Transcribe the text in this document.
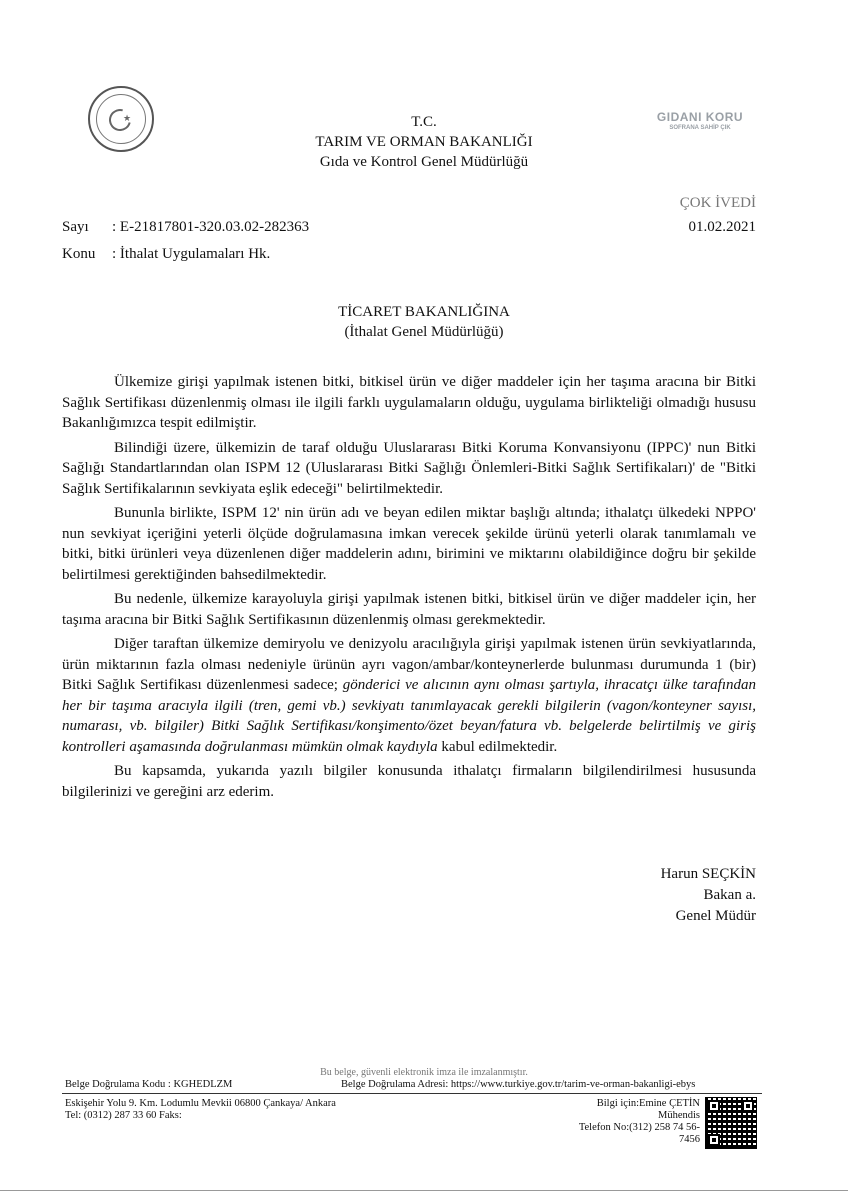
★	T.C.
TARIM VE ORMAN BAKANLIĞI
Gıda ve Kontrol Genel Müdürlüğü
GIDANI KORU
SOFRANA SAHİP ÇIK
ÇOK İVEDİ
01.02.2021
Sayı : E-21817801-320.03.02-282363
Konu : İthalat Uygulamaları Hk.
TİCARET BAKANLIĞINA
(İthalat Genel Müdürlüğü)

Ülkemize girişi yapılmak istenen bitki, bitkisel ürün ve diğer maddeler için her taşıma aracına bir Bitki Sağlık Sertifikası düzenlenmiş olması ile ilgili farklı uygulamaların olduğu, uygulama birlikteliği olmadığı hususu Bakanlığımızca tespit edilmiştir.

Bilindiği üzere, ülkemizin de taraf olduğu Uluslararası Bitki Koruma Konvansiyonu (IPPC)' nun Bitki Sağlığı Standartlarından olan ISPM 12 (Uluslararası Bitki Sağlığı Önlemleri-Bitki Sağlık Sertifikaları)' de "Bitki Sağlık Sertifikalarının sevkiyata eşlik edeceği" belirtilmektedir.

Bununla birlikte, ISPM 12' nin ürün adı ve beyan edilen miktar başlığı altında; ithalatçı ülkedeki NPPO' nun sevkiyat içeriğini yeterli ölçüde doğrulamasına imkan verecek şekilde ürünü yeterli olarak tanımlamalı ve bitki, bitki ürünleri veya düzenlenen diğer maddelerin adını, birimini ve miktarını olabildiğince doğru bir şekilde belirtilmesi gerektiğinden bahsedilmektedir.

Bu nedenle, ülkemize karayoluyla girişi yapılmak istenen bitki, bitkisel ürün ve diğer maddeler için, her taşıma aracına bir Bitki Sağlık Sertifikasının düzenlenmiş olması gerekmektedir.

Diğer taraftan ülkemize demiryolu ve denizyolu aracılığıyla girişi yapılmak istenen ürün sevkiyatlarında, ürün miktarının fazla olması nedeniyle ürünün ayrı vagon/ambar/konteynerlerde bulunması durumunda 1 (bir) Bitki Sağlık Sertifikası düzenlenmesi sadece; gönderici ve alıcının aynı olması şartıyla, ihracatçı ülke tarafından her bir taşıma aracıyla ilgili (tren, gemi vb.) sevkiyatı tanımlayacak gerekli bilgilerin (vagon/konteyner sayısı, numarası, vb. bilgiler) Bitki Sağlık Sertifikası/konşimento/özet beyan/fatura vb. belgelerde belirtilmiş ve giriş kontrolleri aşamasında doğrulanması mümkün olmak kaydıyla kabul edilmektedir.

Bu kapsamda, yukarıda yazılı bilgiler konusunda ithalatçı firmaların bilgilendirilmesi hususunda bilgilerinizi ve gereğini arz ederim.

Harun SEÇKİN
Bakan a.
Genel Müdür
Bu belge, güvenli elektronik imza ile imzalanmıştır.
Belge Doğrulama Kodu : KGHEDLZM	Belge Doğrulama Adresi: https://www.turkiye.gov.tr/tarim-ve-orman-bakanligi-ebys
Eskişehir Yolu 9. Km. Lodumlu Mevkii 06800 Çankaya/ Ankara
Tel: (0312) 287 33 60 Faks:
Bilgi için:Emine ÇETİN
Mühendis
Telefon No:(312) 258 74 56-
7456
